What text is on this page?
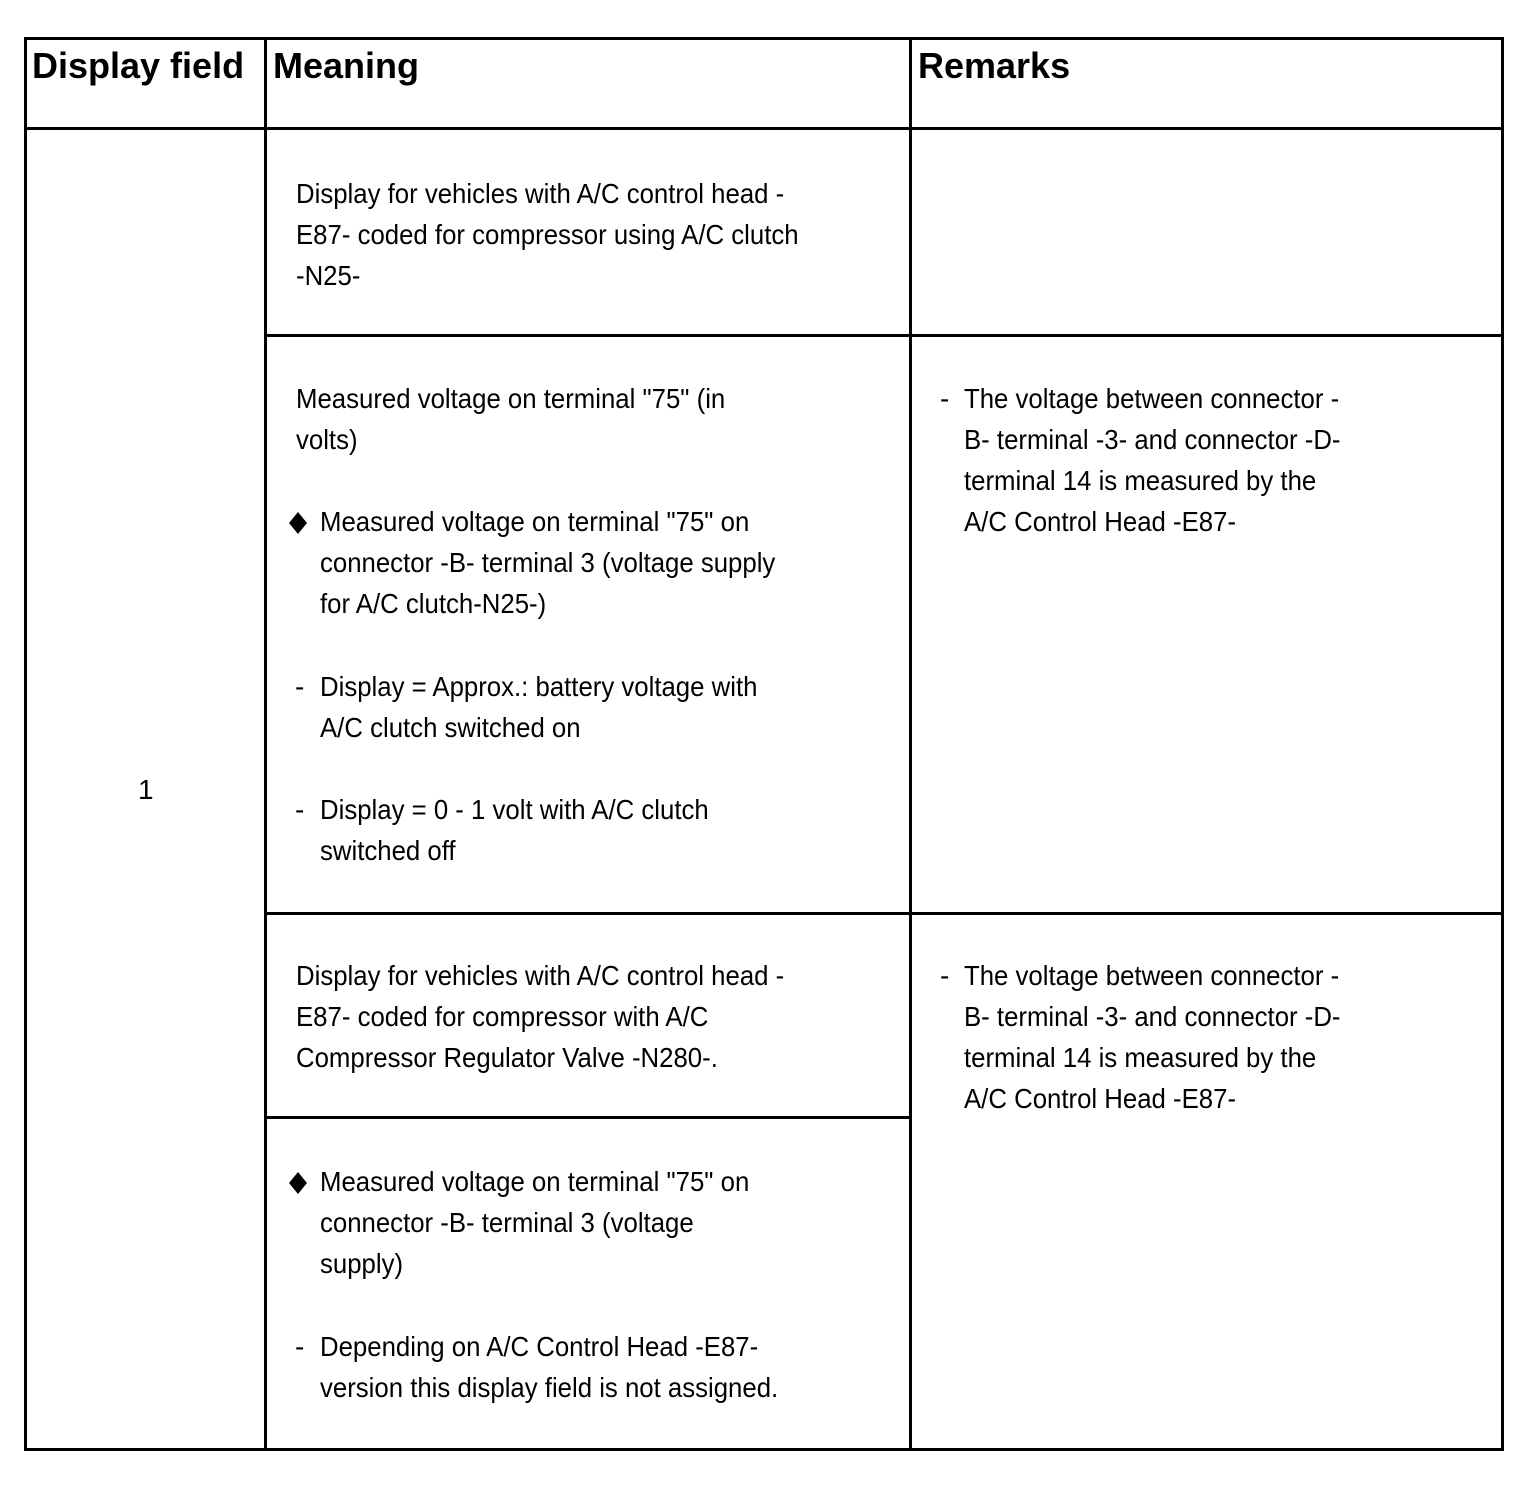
Display field Meaning	Remarks
1
Display for vehicles with A/C control head -
E87- coded for compressor using A/C clutch
-N25-
Measured voltage on terminal "75" (in
volts)
Measured voltage on terminal "75" on
connector -B- terminal 3 (voltage supply
for A/C clutch-N25-)
- Display = Approx.: battery voltage with
A/C clutch switched on
- Display = 0 - 1 volt with A/C clutch
switched off
- The voltage between connector -
B- terminal -3- and connector -D-
terminal 14 is measured by the
A/C Control Head -E87-
Display for vehicles with A/C control head -
E87- coded for compressor with A/C
Compressor Regulator Valve -N280-.
- The voltage between connector -
B- terminal -3- and connector -D-
terminal 14 is measured by the
A/C Control Head -E87-
Measured voltage on terminal "75" on
connector -B- terminal 3 (voltage
supply)
- Depending on A/C Control Head -E87-
version this display field is not assigned.
